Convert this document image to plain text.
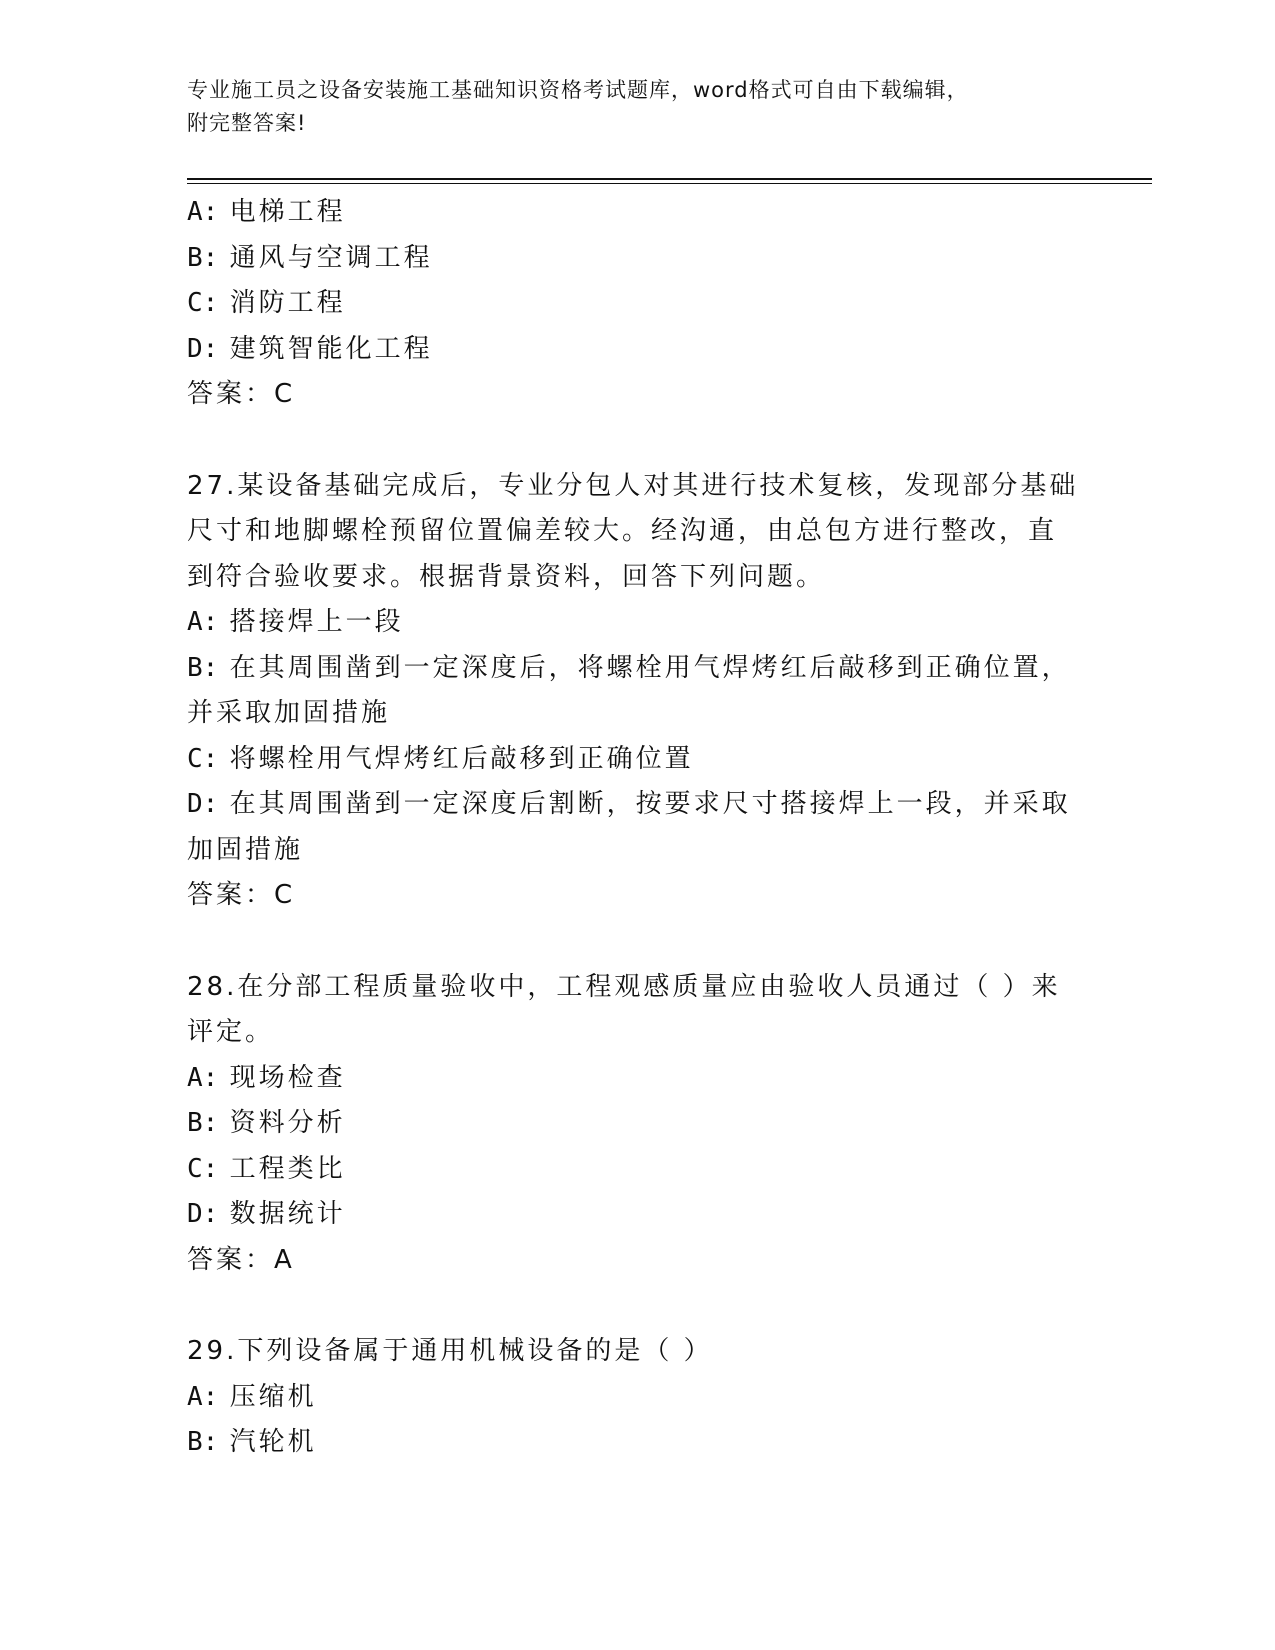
专业施工员之设备安装施工基础知识资格考试题库，word格式可自由下载编辑，
附完整答案!
A: 电梯工程
B: 通风与空调工程
C: 消防工程
D: 建筑智能化工程
答案：C
27.某设备基础完成后，专业分包人对其进行技术复核，发现部分基础
尺寸和地脚螺栓预留位置偏差较大。经沟通，由总包方进行整改，直
到符合验收要求。根据背景资料，回答下列问题。
A: 搭接焊上一段
B: 在其周围凿到一定深度后，将螺栓用气焊烤红后敲移到正确位置，
并采取加固措施
C: 将螺栓用气焊烤红后敲移到正确位置
D: 在其周围凿到一定深度后割断，按要求尺寸搭接焊上一段，并采取
加固措施
答案：C
28.在分部工程质量验收中，工程观感质量应由验收人员通过（ ）来
评定。
A: 现场检查
B: 资料分析
C: 工程类比
D: 数据统计
答案：A
29.下列设备属于通用机械设备的是（ ）
A: 压缩机
B: 汽轮机
